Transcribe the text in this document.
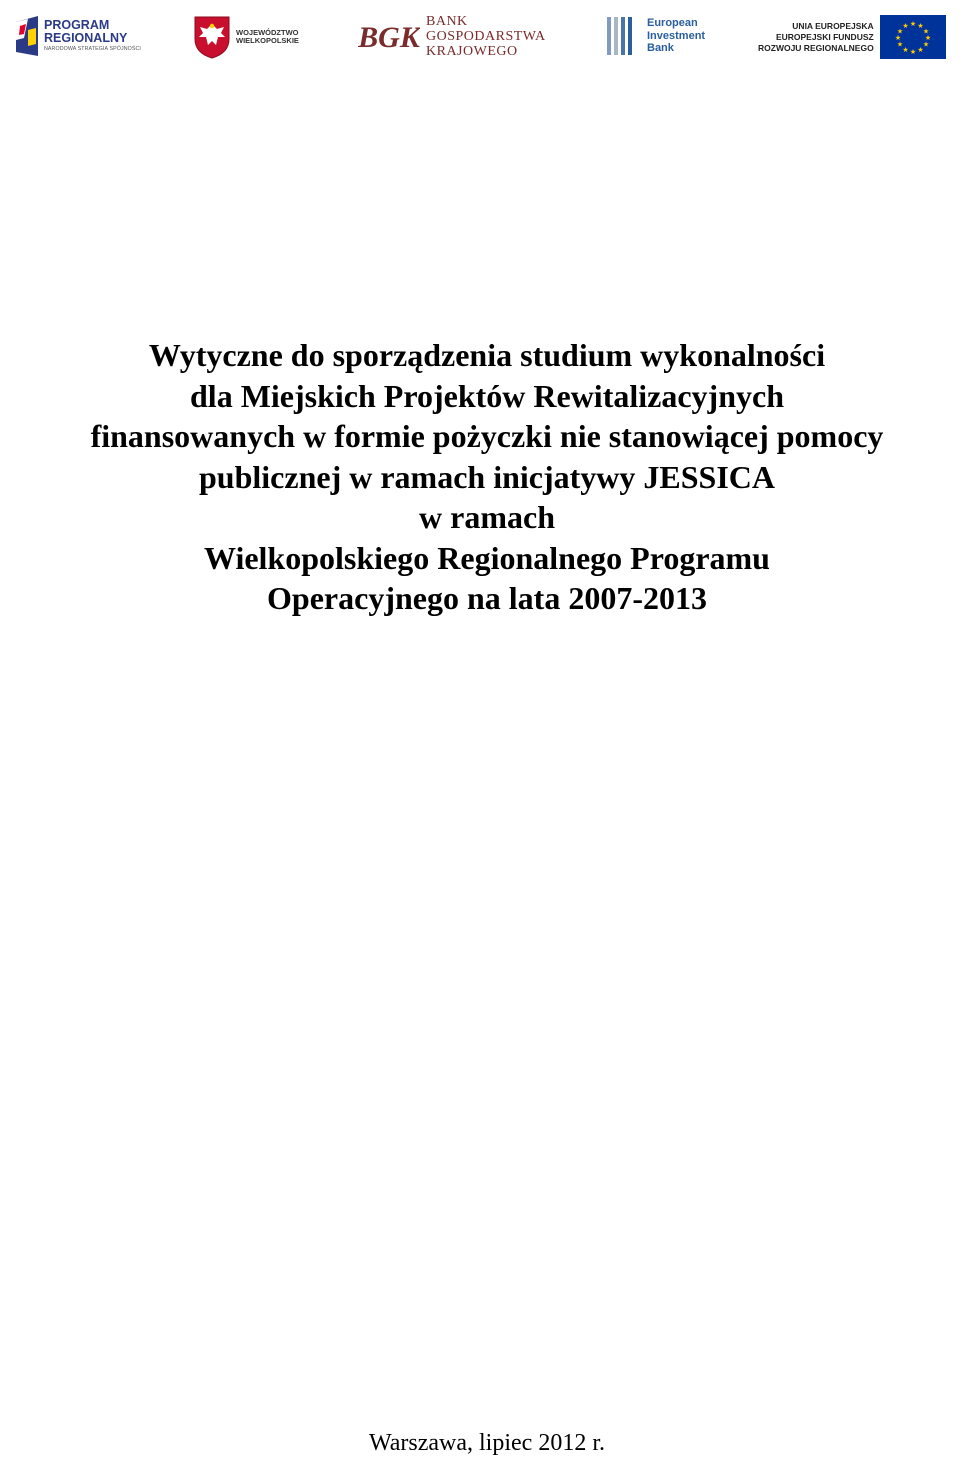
PROGRAM
REGIONALNY
NARODOWA STRATEGIA SPÓJNOŚCI
WOJEWÓDZTWO
WIELKOPOLSKIE BGK BANK
GOSPODARSTWA
KRAJOWEGO
European
Investment
Bank
UNIA EUROPEJSKA
EUROPEJSKI FUNDUSZ
ROZWOJU REGIONALNEGO
★ ★
★
★
★
★
★
★
★
★
★
★
Wytyczne do sporządzenia studium wykonalności
dla Miejskich Projektów Rewitalizacyjnych
finansowanych w formie pożyczki nie stanowiącej pomocy
publicznej w ramach inicjatywy JESSICA
w ramach
Wielkopolskiego Regionalnego Programu
Operacyjnego na lata 2007-2013
Warszawa, lipiec 2012 r.
